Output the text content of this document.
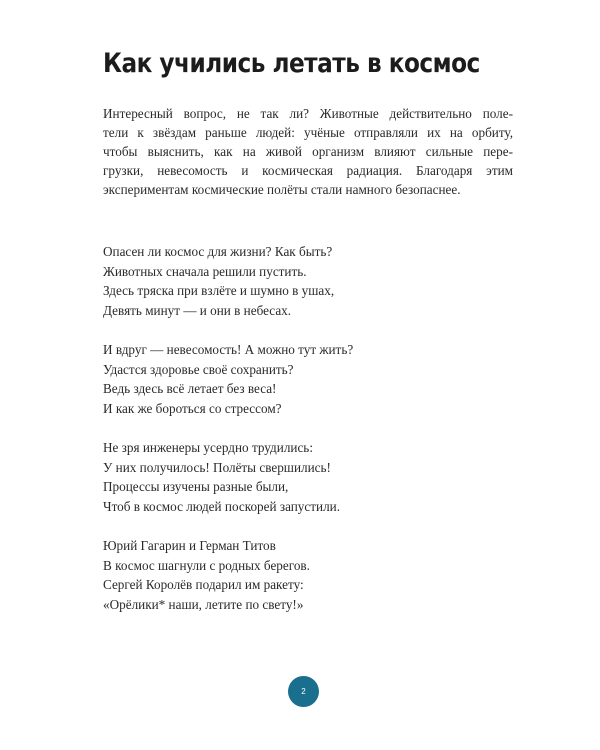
Как учились летать в космос

Интересный вопрос, не так ли? Животные действительно поле-
тели к звёздам раньше людей: учёные отправляли их на орбиту,
чтобы выяснить, как на живой организм влияют сильные пере-
грузки, невесомость и космическая радиация. Благодаря этим
экспериментам космические полёты стали намного безопаснее.

Опасен ли космос для жизни? Как быть?
Животных сначала решили пустить.
Здесь тряска при взлёте и шумно в ушах,
Девять минут — и они в небесах.

И вдруг — невесомость! А можно тут жить?
Удастся здоровье своё сохранить?
Ведь здесь всё летает без веса!
И как же бороться со стрессом?

Не зря инженеры усердно трудились:
У них получилось! Полёты свершились!
Процессы изучены разные были,
Чтоб в космос людей поскорей запустили.

Юрий Гагарин и Герман Титов
В космос шагнули с родных берегов.
Сергей Королёв подарил им ракету:
«Орёлики* наши, летите по свету!»

2
